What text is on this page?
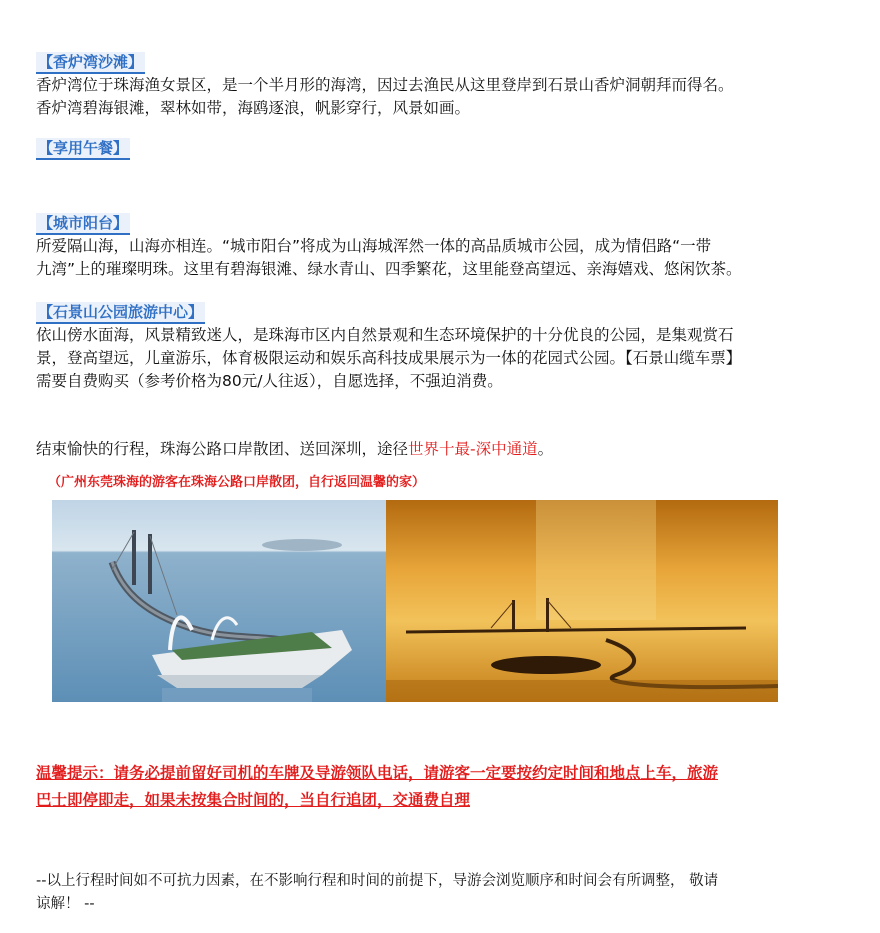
【香炉湾沙滩】
香炉湾位于珠海渔女景区，是一个半月形的海湾，因过去渔民从这里登岸到石景山香炉洞朝拜而得名。
香炉湾碧海银滩，翠林如带，海鸥逐浪，帆影穿行，风景如画。
【享用午餐】
【城市阳台】
所爱隔山海，山海亦相连。“城市阳台”将成为山海城浑然一体的高品质城市公园，成为情侣路“一带
九湾”上的璀璨明珠。这里有碧海银滩、绿水青山、四季繁花，这里能登高望远、亲海嬉戏、悠闲饮茶。
【石景山公园旅游中心】
依山傍水面海，风景精致迷人，是珠海市区内自然景观和生态环境保护的十分优良的公园，是集观赏石
景，登高望远，儿童游乐，体育极限运动和娱乐高科技成果展示为一体的花园式公园。【石景山缆车票】
需要自费购买（参考价格为80元/人往返），自愿选择，不强迫消费。
结束愉快的行程，珠海公路口岸散团、送回深圳，途径世界十最-深中通道。
（广州东莞珠海的游客在珠海公路口岸散团，自行返回温馨的家）
温馨提示：请务必提前留好司机的车牌及导游领队电话，请游客一定要按约定时间和地点上车，旅游
巴士即停即走，如果未按集合时间的，当自行追团，交通费自理
--以上行程时间如不可抗力因素，在不影响行程和时间的前提下，导游会浏览顺序和时间会有所调整， 敬请
谅解！ --
